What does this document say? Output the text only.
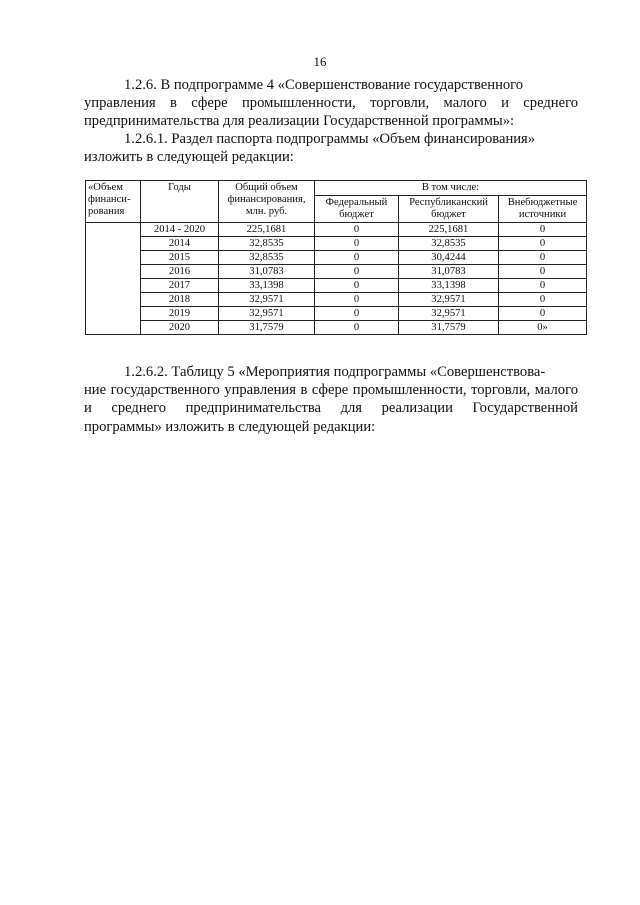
16
1.2.6. В подпрограмме 4 «Совершенствование государственного
управления в сфере промышленности, торговли, малого и среднего предпринимательства для реализации Государственной программы»:
1.2.6.1. Раздел паспорта подпрограммы «Объем финансирования»
изложить в следующей редакции:
«Объем финанси-рования	Годы	Общий объем финансирования, млн. руб.	В том числе:		
			Федеральный бюджет	Республиканский бюджет	Внебюджетные источники
	2014 - 2020	225,1681	0	225,1681	0
	2014	32,8535	0	32,8535	0
	2015	32,8535	0	30,4244	0
	2016	31,0783	0	31,0783	0
	2017	33,1398	0	33,1398	0
	2018	32,9571	0	32,9571	0
	2019	32,9571	0	32,9571	0
	2020	31,7579	0	31,7579	0»
1.2.6.2. Таблицу 5 «Мероприятия подпрограммы «Совершенствова-
ние государственного управления в сфере промышленности, торговли, малого и среднего предпринимательства для реализации Государственной программы» изложить в следующей редакции:
